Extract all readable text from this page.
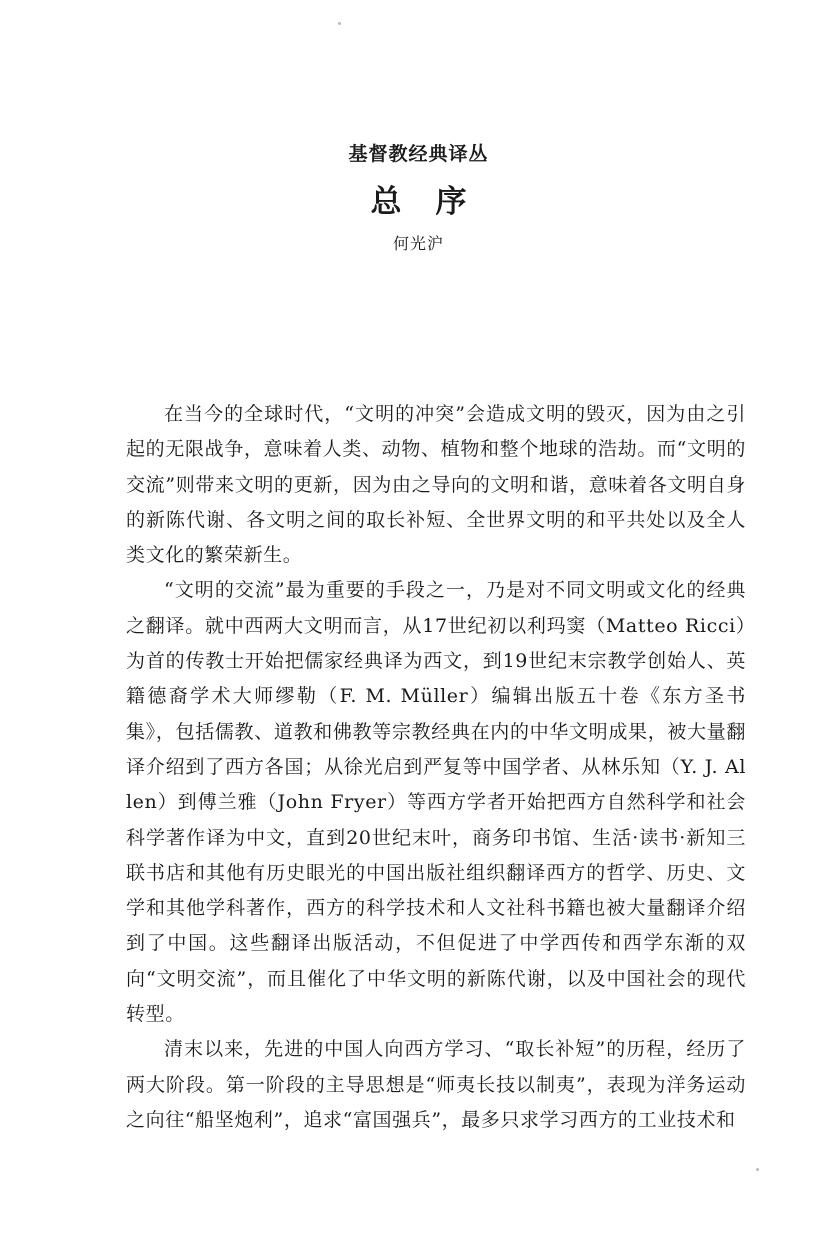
基督教经典译丛
总序
何光沪

在当今的全球时代，“文明的冲突”会造成文明的毁灭，因为由之引起的无限战争，意味着人类、动物、植物和整个地球的浩劫。而“文明的交流”则带来文明的更新，因为由之导向的文明和谐，意味着各文明自身的新陈代谢、各文明之间的取长补短、全世界文明的和平共处以及全人类文化的繁荣新生。

“文明的交流”最为重要的手段之一，乃是对不同文明或文化的经典之翻译。就中西两大文明而言，从17世纪初以利玛窦（Matteo Ricci）为首的传教士开始把儒家经典译为西文，到19世纪末宗教学创始人、英籍德裔学术大师缪勒（F. M. Müller）编辑出版五十卷《东方圣书集》，包括儒教、道教和佛教等宗教经典在内的中华文明成果，被大量翻译介绍到了西方各国；从徐光启到严复等中国学者、从林乐知（Y. J. Allen）到傅兰雅（John Fryer）等西方学者开始把西方自然科学和社会科学著作译为中文，直到20世纪末叶，商务印书馆、生活·读书·新知三联书店和其他有历史眼光的中国出版社组织翻译西方的哲学、历史、文学和其他学科著作，西方的科学技术和人文社科书籍也被大量翻译介绍到了中国。这些翻译出版活动，不但促进了中学西传和西学东渐的双向“文明交流”，而且催化了中华文明的新陈代谢，以及中国社会的现代转型。

清末以来，先进的中国人向西方学习、“取长补短”的历程，经历了两大阶段。第一阶段的主导思想是“师夷长技以制夷”，表现为洋务运动之向往“船坚炮利”，追求“富国强兵”，最多只求学习西方的工业技术和
